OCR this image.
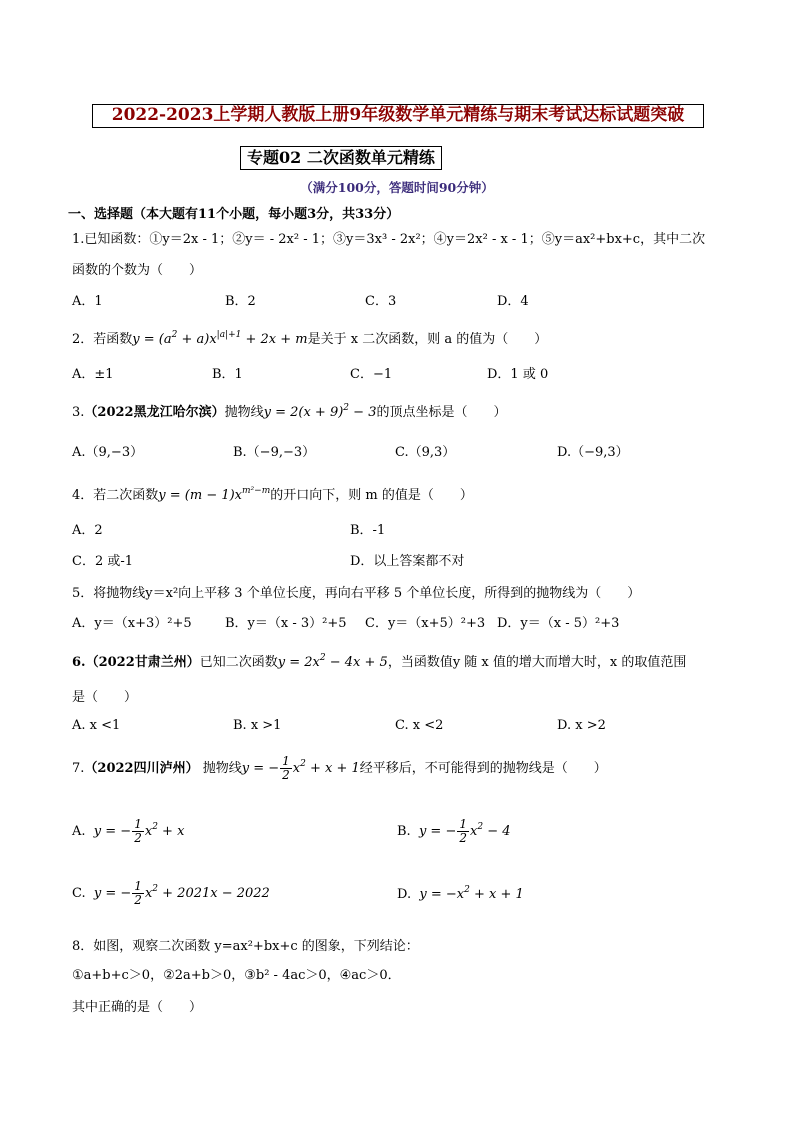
2022-2023上学期人教版上册9年级数学单元精练与期末考试达标试题突破
专题02 二次函数单元精练
（满分100分，答题时间90分钟）
一、选择题（本大题有11个小题，每小题3分，共33分）
1.已知函数：①y＝2x - 1；②y＝ - 2x² - 1；③y＝3x³ - 2x²；④y＝2x² - x - 1；⑤y＝ax²+bx+c，其中二次
函数的个数为（　　）
A．1	B．2	C．3	D．4
2．若函数$y = (a^2 + a)x^{|a|+1} + 2x + m$是关于 x 二次函数，则 a 的值为（　　）
A．±1	B．1	C．−1	D．1 或 0
3.（2022黑龙江哈尔滨）抛物线$y = 2(x + 9)^2 - 3$的顶点坐标是（　　）
A.（9,−3）	B.（−9,−3）	C.（9,3）	D.（−9,3）
4．若二次函数$y = (m - 1)x^{m^2-m}$的开口向下，则 m 的值是（　　）
A．2	B．-1
C．2 或-1	D．以上答案都不对
5．将抛物线y＝x²向上平移 3 个单位长度，再向右平移 5 个单位长度，所得到的抛物线为（　　）
A．y＝（x+3）²+5	B．y＝（x - 3）²+5 C．y＝（x+5）²+3 D．y＝（x - 5）²+3
6.（2022甘肃兰州）已知二次函数$y = 2x^2 - 4x + 5$，当函数值y 随 x 值的增大而增大时，x 的取值范围
是（　　）
A. x <1	B. x >1	C. x <2	D. x >2
7.（2022四川泸州） 抛物线y = − $\frac{1}{2} x^2 + x + 1$经平移后，不可能得到的抛物线是（　　）
A.  y = − $\frac{1}{2} x^2 + x$	B.  y = − $\frac{1}{2} x^2 - 4$
C.  y = − $\frac{1}{2} x^2 + 2021x - 2022$	D.  $y = -x^2 + x + 1$
8．如图，观察二次函数 y=ax²+bx+c 的图象，下列结论：
①a+b+c＞0，②2a+b＞0，③b² - 4ac＞0，④ac＞0．
其中正确的是（　　）
